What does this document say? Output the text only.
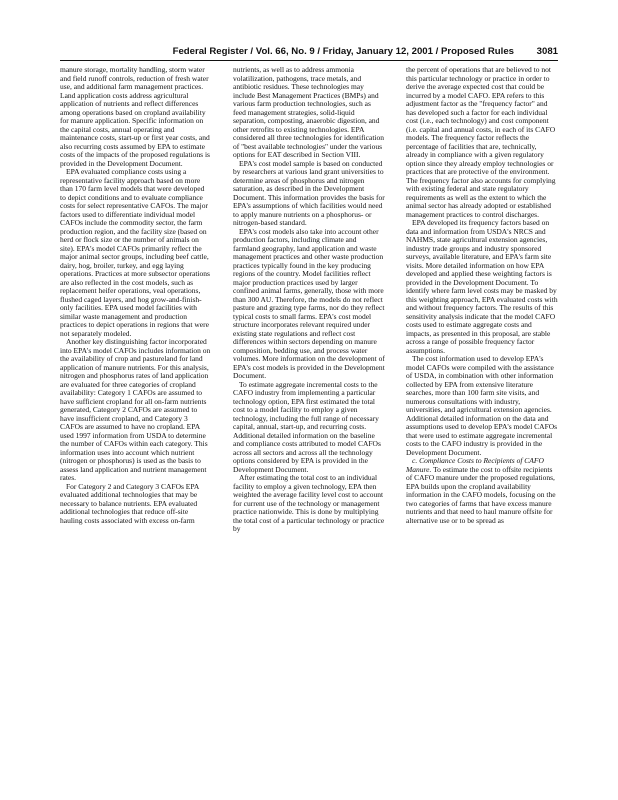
Federal Register / Vol. 66, No. 9 / Friday, January 12, 2001 / Proposed Rules 3081

manure storage, mortality handling, storm water and field runoff controls, reduction of fresh water use, and additional farm management practices. Land application costs address agricultural application of nutrients and reflect differences among operations based on cropland availability for manure application. Specific information on the capital costs, annual operating and maintenance costs, start-up or first year costs, and also recurring costs assumed by EPA to estimate costs of the impacts of the proposed regulations is provided in the Development Document.

EPA evaluated compliance costs using a representative facility approach based on more than 170 farm level models that were developed to depict conditions and to evaluate compliance costs for select representative CAFOs. The major factors used to differentiate individual model CAFOs include the commodity sector, the farm production region, and the facility size (based on herd or flock size or the number of animals on site). EPA's model CAFOs primarily reflect the major animal sector groups, including beef cattle, dairy, hog, broiler, turkey, and egg laying operations. Practices at more subsector operations are also reflected in the cost models, such as replacement heifer operations, veal operations, flushed caged layers, and hog grow-and-finish-only facilities. EPA used model facilities with similar waste management and production practices to depict operations in regions that were not separately modeled.

Another key distinguishing factor incorporated into EPA's model CAFOs includes information on the availability of crop and pastureland for land application of manure nutrients. For this analysis, nitrogen and phosphorus rates of land application are evaluated for three categories of cropland availability: Category 1 CAFOs are assumed to have sufficient cropland for all on-farm nutrients generated, Category 2 CAFOs are assumed to have insufficient cropland, and Category 3 CAFOs are assumed to have no cropland. EPA used 1997 information from USDA to determine the number of CAFOs within each category. This information uses into account which nutrient (nitrogen or phosphorus) is used as the basis to assess land application and nutrient management rates.

For Category 2 and Category 3 CAFOs EPA evaluated additional technologies that may be necessary to balance nutrients. EPA evaluated additional technologies that reduce off-site hauling costs associated with excess on-farm

nutrients, as well as to address ammonia volatilization, pathogens, trace metals, and antibiotic residues. These technologies may include Best Management Practices (BMPs) and various farm production technologies, such as feed management strategies, solid-liquid separation, composting, anaerobic digestion, and other retrofits to existing technologies. EPA considered all three technologies for identification of "best available technologies" under the various options for EAT described in Section VIII.

EPA's cost model sample is based on conducted by researchers at various land grant universities to determine areas of phosphorus and nitrogen saturation, as described in the Development Document. This information provides the basis for EPA's assumptions of which facilities would need to apply manure nutrients on a phosphorus- or nitrogen-based standard.

EPA's cost models also take into account other production factors, including climate and farmland geography, land application and waste management practices and other waste production practices typically found in the key producing regions of the country. Model facilities reflect major production practices used by larger confined animal farms, generally, those with more than 300 AU. Therefore, the models do not reflect pasture and grazing type farms, nor do they reflect typical costs to small farms. EPA's cost model structure incorporates relevant required under existing state regulations and reflect cost differences within sectors depending on manure composition, bedding use, and process water volumes. More information on the development of EPA's cost models is provided in the Development Document.

To estimate aggregate incremental costs to the CAFO industry from implementing a particular technology option, EPA first estimated the total cost to a model facility to employ a given technology, including the full range of necessary capital, annual, start-up, and recurring costs. Additional detailed information on the baseline and compliance costs attributed to model CAFOs across all sectors and across all the technology options considered by EPA is provided in the Development Document.

After estimating the total cost to an individual facility to employ a given technology, EPA then weighted the average facility level cost to account for current use of the technology or management practice nationwide. This is done by multiplying the total cost of a particular technology or practice by

the percent of operations that are believed to not this particular technology or practice in order to derive the average expected cost that could be incurred by a model CAFO. EPA refers to this adjustment factor as the "frequency factor" and has developed such a factor for each individual cost (i.e., each technology) and cost component (i.e. capital and annual costs, in each of its CAFO models. The frequency factor reflects the percentage of facilities that are, technically, already in compliance with a given regulatory option since they already employ technologies or practices that are protective of the environment. The frequency factor also accounts for complying with existing federal and state regulatory requirements as well as the extent to which the animal sector has already adopted or established management practices to control discharges.

EPA developed its frequency factors based on data and information from USDA's NRCS and NAHMS, state agricultural extension agencies, industry trade groups and industry sponsored surveys, available literature, and EPA's farm site visits. More detailed information on how EPA developed and applied these weighting factors is provided in the Development Document. To identify where farm level costs may be masked by this weighting approach, EPA evaluated costs with and without frequency factors. The results of this sensitivity analysis indicate that the model CAFO costs used to estimate aggregate costs and impacts, as presented in this proposal, are stable across a range of possible frequency factor assumptions.

The cost information used to develop EPA's model CAFOs were compiled with the assistance of USDA, in combination with other information collected by EPA from extensive literature searches, more than 100 farm site visits, and numerous consultations with industry, universities, and agricultural extension agencies. Additional detailed information on the data and assumptions used to develop EPA's model CAFOs that were used to estimate aggregate incremental costs to the CAFO industry is provided in the Development Document.

c. Compliance Costs to Recipients of CAFO Manure. To estimate the cost to offsite recipients of CAFO manure under the proposed regulations, EPA builds upon the cropland availability information in the CAFO models, focusing on the two categories of farms that have excess manure nutrients and that need to haul manure offsite for alternative use or to be spread as
